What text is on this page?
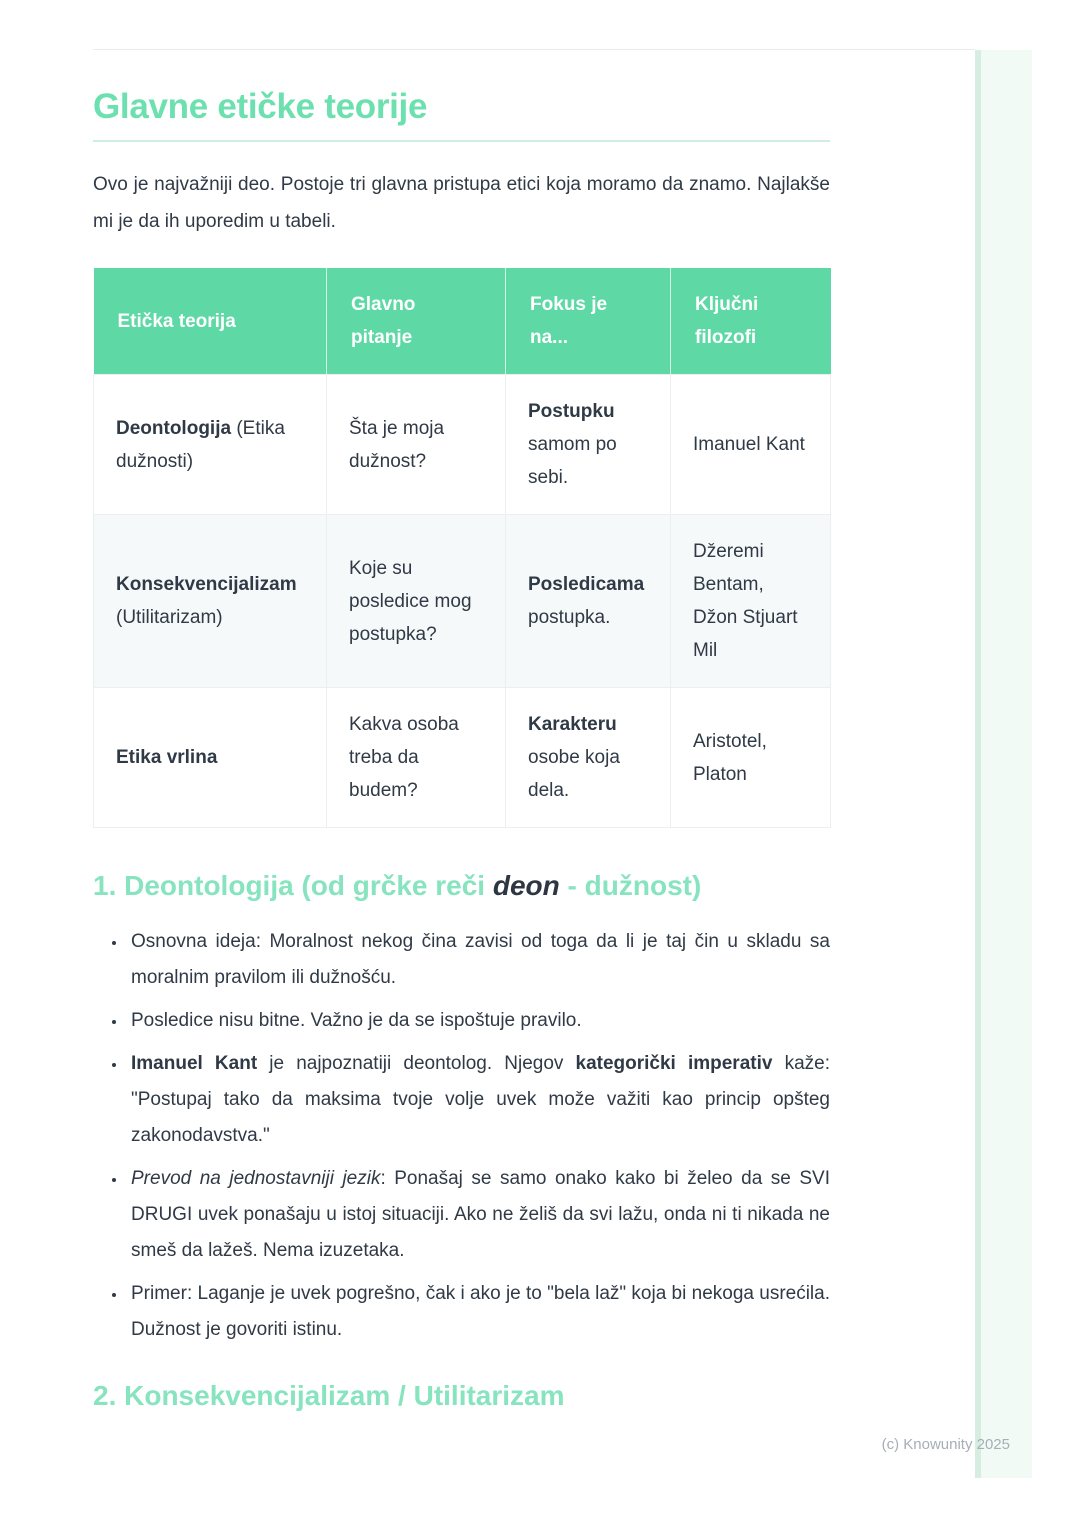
Glavne etičke teorije

Ovo je najvažniji deo. Postoje tri glavna pristupa etici koja moramo da znamo. Najlakše mi je da ih uporedim u tabeli.

Etička teorija	Glavno pitanje	Fokus je na...	Ključni filozofi
Deontologija (Etika dužnosti)	Šta je moja dužnost?	Postupku samom po sebi.	Imanuel Kant
Konsekvencijalizam (Utilitarizam)	Koje su posledice mog postupka?	Posledicama postupka.	Džeremi Bentam, Džon Stjuart Mil
Etika vrlina	Kakva osoba treba da budem?	Karakteru osobe koja dela.	Aristotel, Platon
1. Deontologija (od grčke reči deon - dužnost)
• Osnovna ideja: Moralnost nekog čina zavisi od toga da li je taj čin u skladu sa moralnim pravilom ili dužnošću.
• Posledice nisu bitne. Važno je da se ispoštuje pravilo.
• Imanuel Kant je najpoznatiji deontolog. Njegov kategorički imperativ kaže: "Postupaj tako da maksima tvoje volje uvek može važiti kao princip opšteg zakonodavstva."
• Prevod na jednostavniji jezik: Ponašaj se samo onako kako bi želeo da se SVI DRUGI uvek ponašaju u istoj situaciji. Ako ne želiš da svi lažu, onda ni ti nikada ne smeš da lažeš. Nema izuzetaka.
• Primer: Laganje je uvek pogrešno, čak i ako je to "bela laž" koja bi nekoga usrećila. Dužnost je govoriti istinu.
2. Konsekvencijalizam / Utilitarizam
(c) Knowunity 2025
